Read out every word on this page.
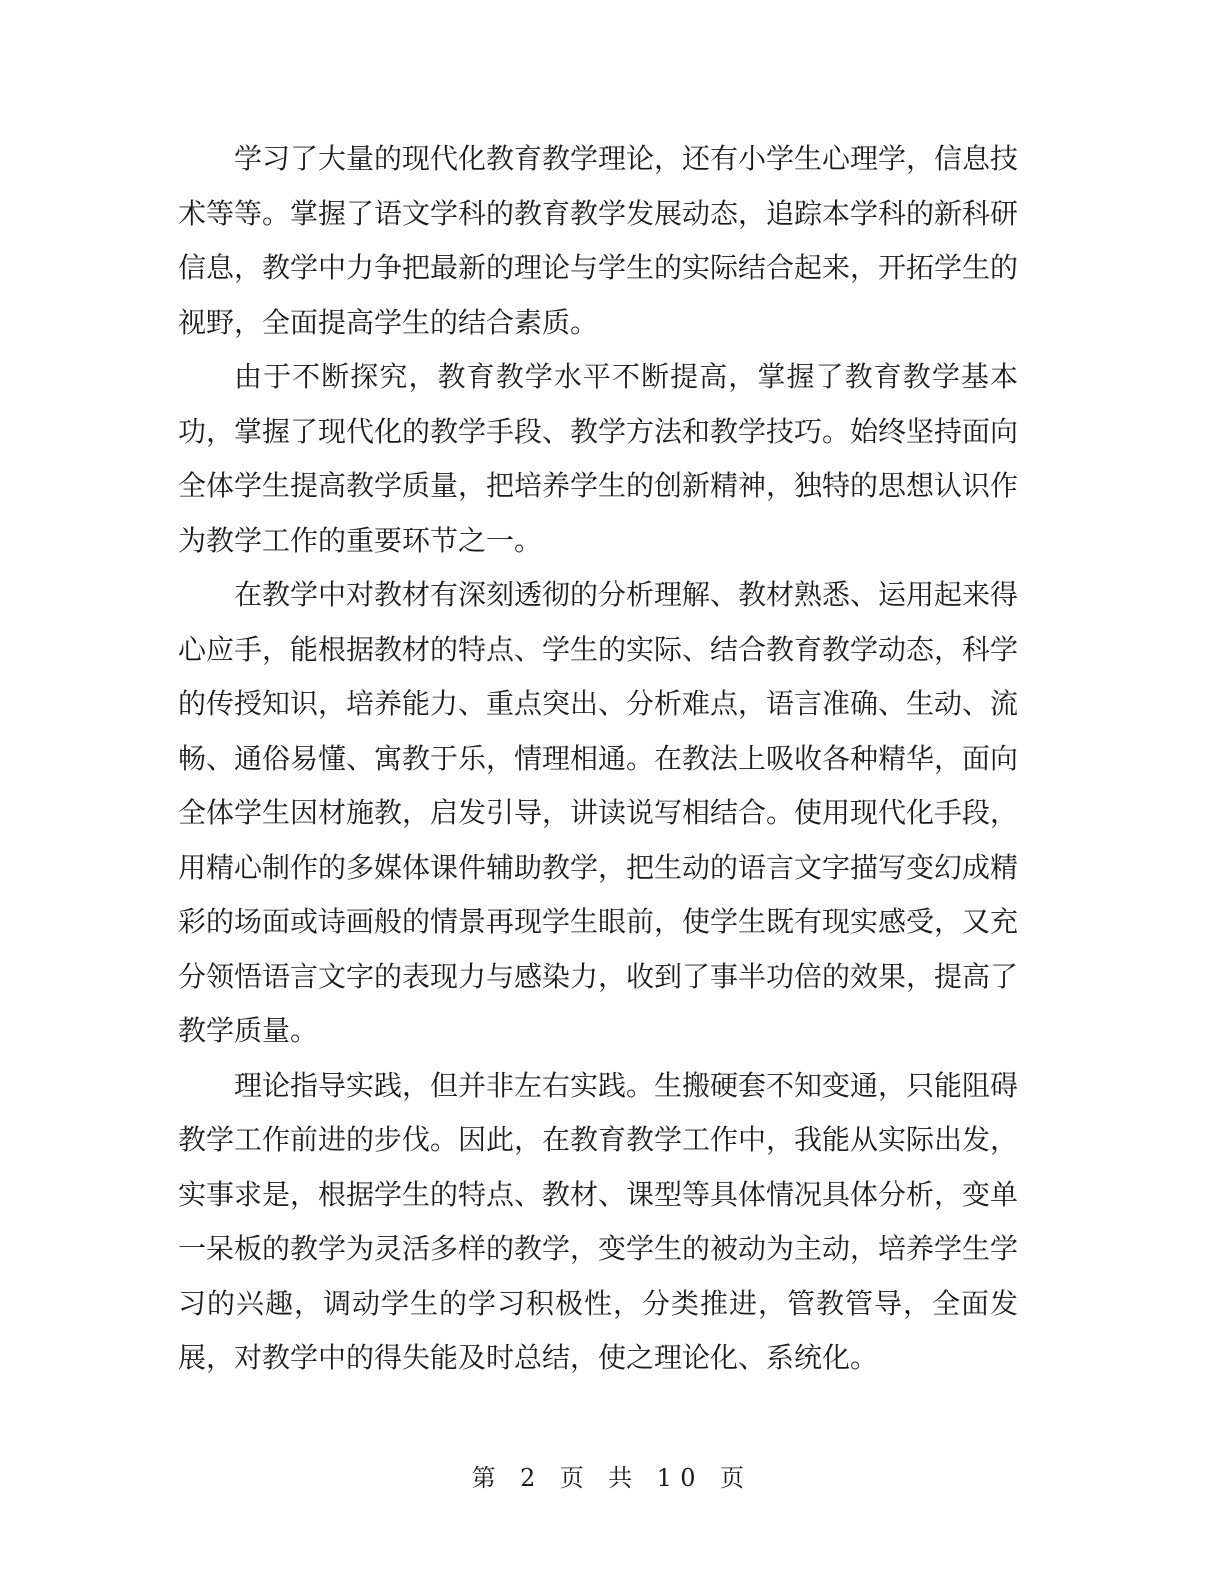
学习了大量的现代化教育教学理论，还有小学生心理学，信息技术等等。掌握了语文学科的教育教学发展动态，追踪本学科的新科研信息，教学中力争把最新的理论与学生的实际结合起来，开拓学生的视野，全面提高学生的结合素质。

由于不断探究，教育教学水平不断提高，掌握了教育教学基本功，掌握了现代化的教学手段、教学方法和教学技巧。始终坚持面向全体学生提高教学质量，把培养学生的创新精神，独特的思想认识作为教学工作的重要环节之一。

在教学中对教材有深刻透彻的分析理解、教材熟悉、运用起来得心应手，能根据教材的特点、学生的实际、结合教育教学动态，科学的传授知识，培养能力、重点突出、分析难点，语言准确、生动、流畅、通俗易懂、寓教于乐，情理相通。在教法上吸收各种精华，面向全体学生因材施教，启发引导，讲读说写相结合。使用现代化手段，用精心制作的多媒体课件辅助教学，把生动的语言文字描写变幻成精彩的场面或诗画般的情景再现学生眼前，使学生既有现实感受，又充分领悟语言文字的表现力与感染力，收到了事半功倍的效果，提高了教学质量。

理论指导实践，但并非左右实践。生搬硬套不知变通，只能阻碍教学工作前进的步伐。因此，在教育教学工作中，我能从实际出发，实事求是，根据学生的特点、教材、课型等具体情况具体分析，变单一呆板的教学为灵活多样的教学，变学生的被动为主动，培养学生学习的兴趣，调动学生的学习积极性，分类推进，管教管导，全面发展，对教学中的得失能及时总结，使之理论化、系统化。

第 2 页 共 10 页
